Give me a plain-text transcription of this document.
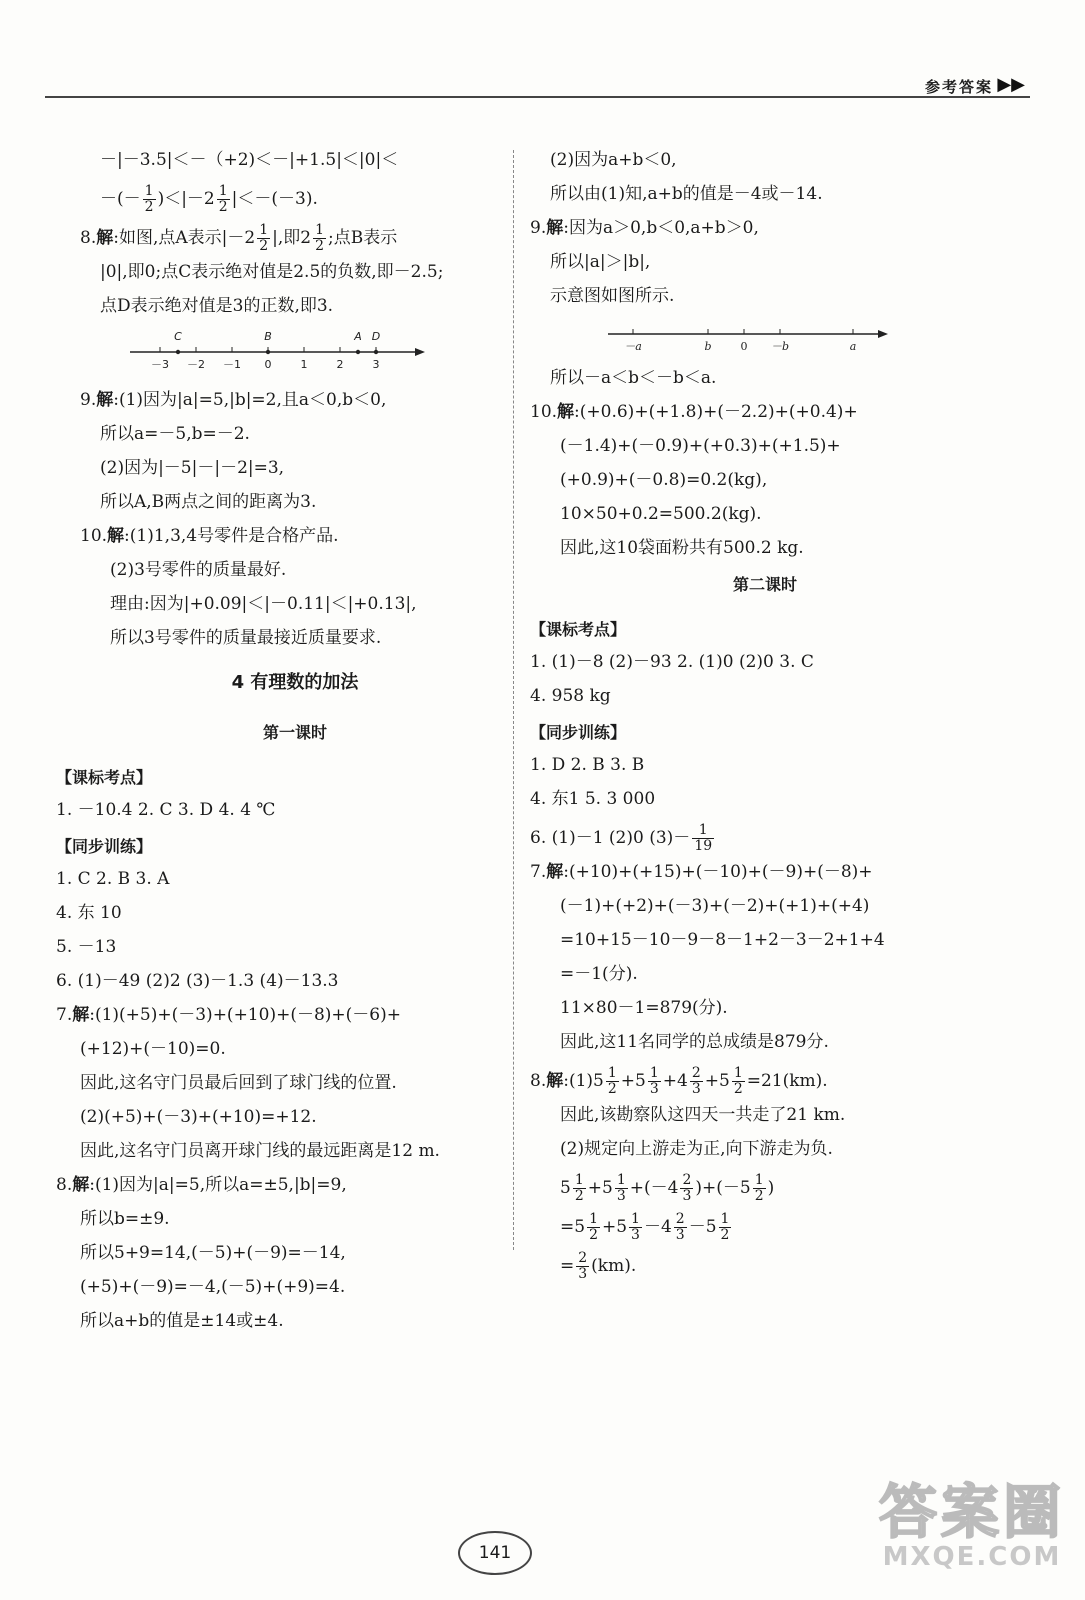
参考答案 ▶▶
－|－3.5|＜－（+2)＜－|+1.5|＜|0|＜
－(－ $\frac{1}{2} )<|-2 \frac{1}{2} |<-(-3)$.
8.解:如图,点A表示$|-2 \frac{1}{2}$ |,即$2 \frac{1}{2}$ ;点B表示
|0|,即0;点C表示绝对值是2.5的负数,即－2.5;
点D表示绝对值是3的正数,即3.
－3 －2 －1 0	1	2	3
C	B	A D
9.解:(1)因为|a|=5,|b|=2,且a＜0,b＜0,
所以a=－5,b=－2.
(2)因为|－5|－|－2|=3,
所以A,B两点之间的距离为3.
10.解:(1)1,3,4号零件是合格产品.
(2)3号零件的质量最好.
理由:因为|+0.09|＜|－0.11|＜|+0.13|,
所以3号零件的质量最接近质量要求.
4 有理数的加法
第一课时
【课标考点】
1. －10.4 2. C 3. D 4. 4 ℃
【同步训练】
1. C 2. B 3. A
4. 东 10
5. －13
6. (1)－49 (2)2 (3)－1.3 (4)－13.3
7.解:(1)(+5)+(－3)+(+10)+(－8)+(－6)+
(+12)+(－10)=0.
因此,这名守门员最后回到了球门线的位置.
(2)(+5)+(－3)+(+10)=+12.
因此,这名守门员离开球门线的最远距离是12 m.
8.解:(1)因为|a|=5,所以a=±5,|b|=9,
所以b=±9.
所以5+9=14,(－5)+(－9)=－14,
(+5)+(－9)=－4,(－5)+(+9)=4.
所以a+b的值是±14或±4.
(2)因为a+b＜0,
所以由(1)知,a+b的值是－4或－14.
9.解:因为a＞0,b＜0,a+b＞0,
所以|a|＞|b|,
示意图如图所示.
－a	b	0 －b	a
所以－a＜b＜－b＜a.
10.解:(+0.6)+(+1.8)+(－2.2)+(+0.4)+
(－1.4)+(－0.9)+(+0.3)+(+1.5)+
(+0.9)+(－0.8)=0.2(kg),
10×50+0.2=500.2(kg).
因此,这10袋面粉共有500.2 kg.
第二课时
【课标考点】
1. (1)－8 (2)－93 2. (1)0 (2)0 3. C
4. 958 kg
【同步训练】
1. D 2. B 3. B
4. 东1 5. 3 000
6. (1)－1 (2)0 $(3)- \frac{1}{19}$
7.解:(+10)+(+15)+(－10)+(－9)+(－8)+
(－1)+(+2)+(－3)+(－2)+(+1)+(+4)
=10+15－10－9－8－1+2－3－2+1+4
=－1(分).
11×80－1=879(分).
因此,这11名同学的总成绩是879分.
8.解:(1)5 $\frac{1}{2} +5 \frac{1}{3} +4 \frac{2}{3} +5 \frac{1}{2} =21(km)$.
因此,该勘察队这四天一共走了21 km.
(2)规定向上游走为正,向下游走为负.
$5 \frac{1}{2} +5 \frac{1}{3} +(-4 \frac{2}{3} )+(-5 \frac{1}{2}$ )
$=5 \frac{1}{2} +5 \frac{1}{3} -4 \frac{2}{3} -5 \frac{1}{2}$
= $\frac{2}{3} (km)$.
141
答案圈
MXQE.COM
